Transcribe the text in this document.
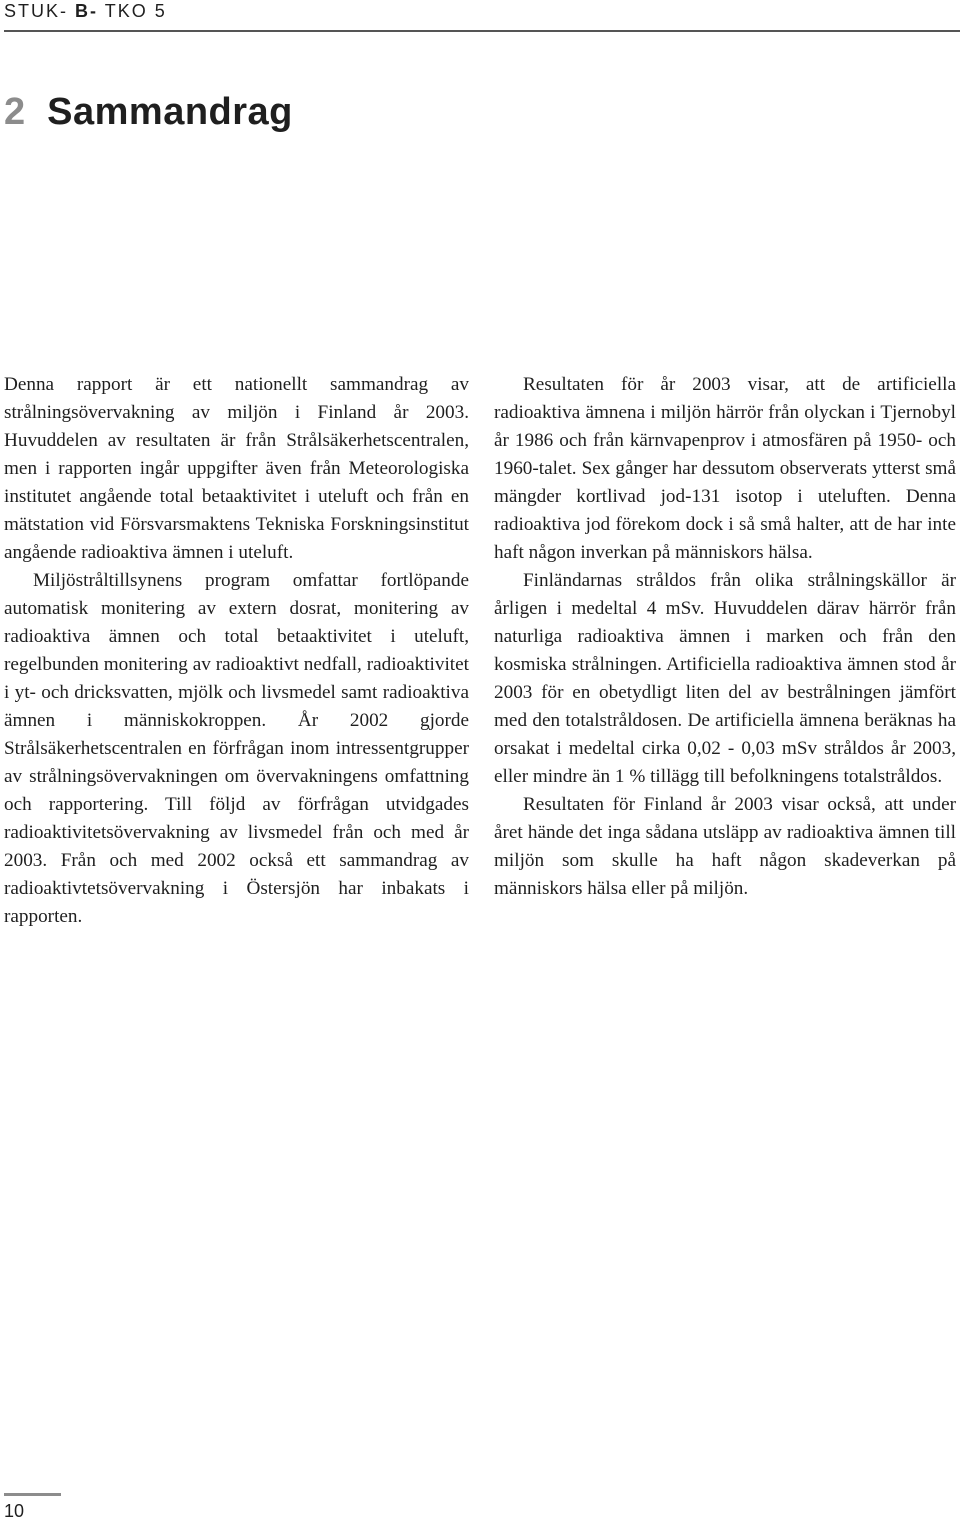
STUK- B- TKO 5
2 Sammandrag

Denna rapport är ett nationellt sammandrag av strålningsövervakning av miljön i Finland år 2003. Huvuddelen av resultaten är från Strålsäkerhetscentralen, men i rapporten ingår uppgifter även från Meteorologiska institutet angående total betaaktivitet i uteluft och från en mätstation vid Försvarsmaktens Tekniska Forskningsinstitut angående radioaktiva ämnen i uteluft.

Miljöstråltillsynens program omfattar fortlöpande automatisk monitering av extern dosrat, monitering av radioaktiva ämnen och total betaaktivitet i uteluft, regelbunden monitering av radioaktivt nedfall, radioaktivitet i yt- och dricksvatten, mjölk och livsmedel samt radioaktiva ämnen i människokroppen. År 2002 gjorde Strålsäkerhetscentralen en förfrågan inom intressentgrupper av strålningsövervakningen om övervakningens omfattning och rapportering. Till följd av förfrågan utvidgades radioaktivitetsövervakning av livsmedel från och med år 2003. Från och med 2002 också ett sammandrag av radioaktivtetsövervakning i Östersjön har inbakats i rapporten.

Resultaten för år 2003 visar, att de artificiella radioaktiva ämnena i miljön härrör från olyckan i Tjernobyl år 1986 och från kärnvapenprov i atmosfären på 1950- och 1960-talet. Sex gånger har dessutom observerats ytterst små mängder kortlivad jod-131 isotop i uteluften. Denna radioaktiva jod förekom dock i så små halter, att de har inte haft någon inverkan på människors hälsa.

Finländarnas stråldos från olika strålningskällor är årligen i medeltal 4 mSv. Huvuddelen därav härrör från naturliga radioaktiva ämnen i marken och från den kosmiska strålningen. Artificiella radioaktiva ämnen stod år 2003 för en obetydligt liten del av bestrålningen jämfört med den totalstråldosen. De artificiella ämnena beräknas ha orsakat i medeltal cirka 0,02 - 0,03 mSv stråldos år 2003, eller mindre än 1 % tillägg till befolkningens totalstråldos.

Resultaten för Finland år 2003 visar också, att under året hände det inga sådana utsläpp av radioaktiva ämnen till miljön som skulle ha haft någon skadeverkan på människors hälsa eller på miljön.

10
